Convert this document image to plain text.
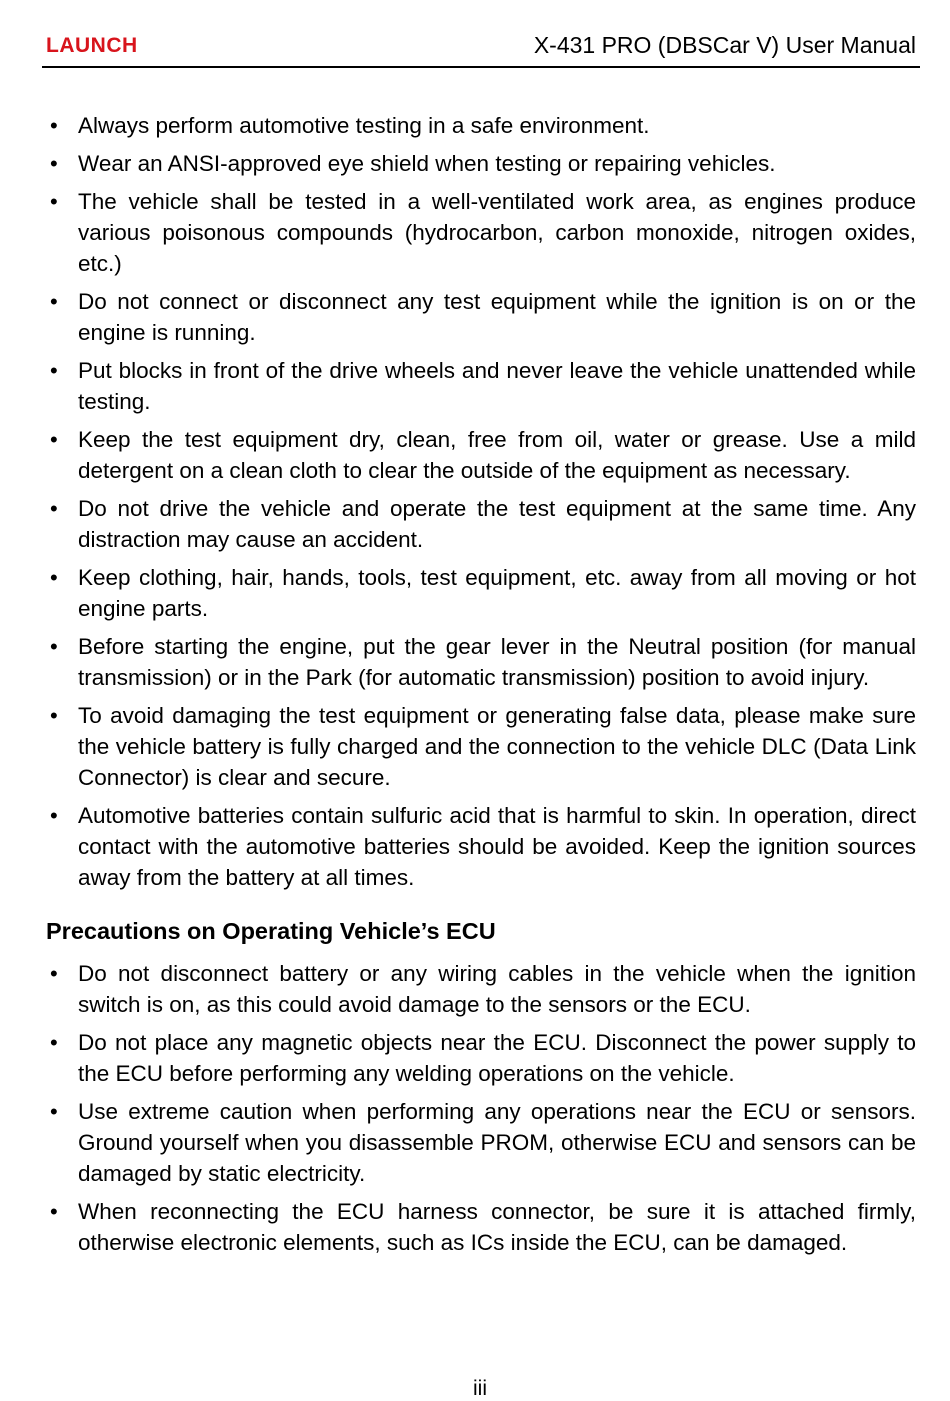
LAUNCH	X-431 PRO (DBSCar V) User Manual
• Always perform automotive testing in a safe environment.
• Wear an ANSI-approved eye shield when testing or repairing vehicles.
• The vehicle shall be tested in a well-ventilated work area, as engines produce various poisonous compounds (hydrocarbon, carbon monoxide, nitrogen oxides, etc.)
• Do not connect or disconnect any test equipment while the ignition is on or the engine is running.
• Put blocks in front of the drive wheels and never leave the vehicle unattended while testing.
• Keep the test equipment dry, clean, free from oil, water or grease. Use a mild detergent on a clean cloth to clear the outside of the equipment as necessary.
• Do not drive the vehicle and operate the test equipment at the same time. Any distraction may cause an accident.
• Keep clothing, hair, hands, tools, test equipment, etc. away from all moving or hot engine parts.
• Before starting the engine, put the gear lever in the Neutral position (for manual transmission) or in the Park (for automatic transmission) position to avoid injury.
• To avoid damaging the test equipment or generating false data, please make sure the vehicle battery is fully charged and the connection to the vehicle DLC (Data Link Connector) is clear and secure.
• Automotive batteries contain sulfuric acid that is harmful to skin. In operation, direct contact with the automotive batteries should be avoided. Keep the ignition sources away from the battery at all times.
Precautions on Operating Vehicle’s ECU
• Do not disconnect battery or any wiring cables in the vehicle when the ignition switch is on, as this could avoid damage to the sensors or the ECU.
• Do not place any magnetic objects near the ECU. Disconnect the power supply to the ECU before performing any welding operations on the vehicle.
• Use extreme caution when performing any operations near the ECU or sensors. Ground yourself when you disassemble PROM, otherwise ECU and sensors can be damaged by static electricity.
• When reconnecting the ECU harness connector, be sure it is attached firmly, otherwise electronic elements, such as ICs inside the ECU, can be damaged.
iii
